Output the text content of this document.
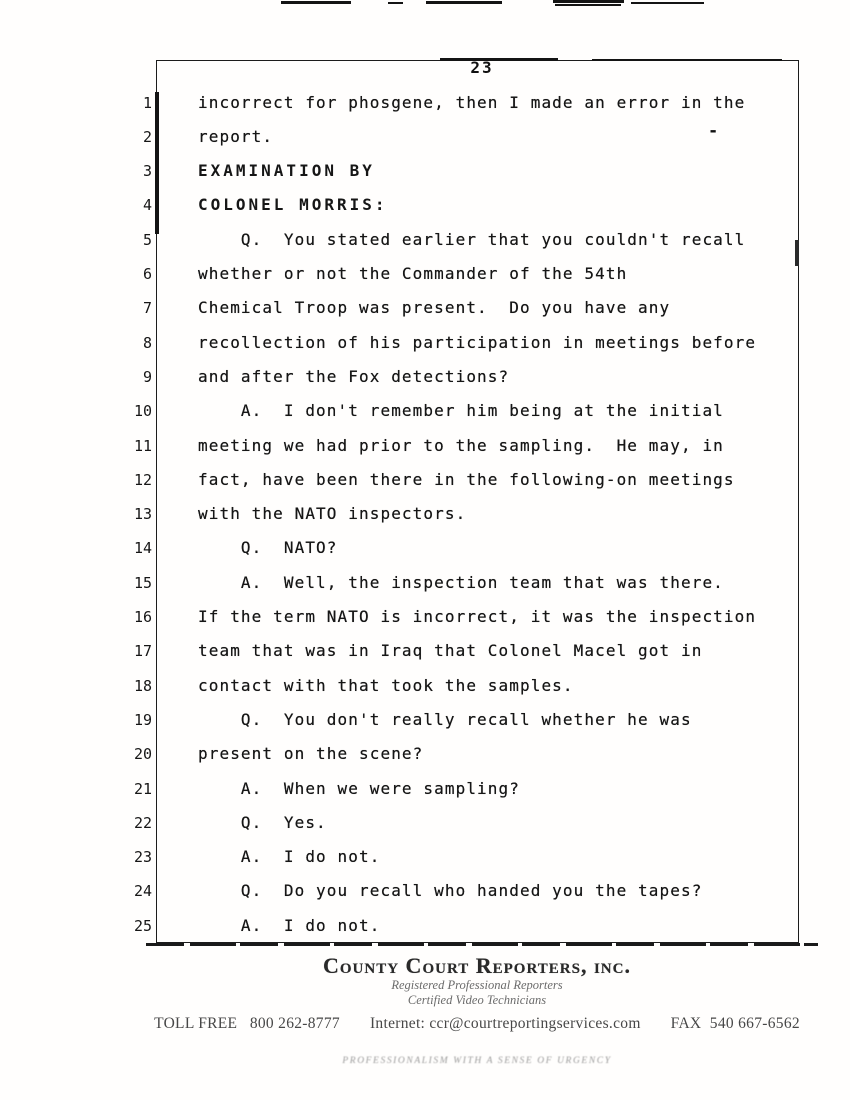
23
1	incorrect for phosgene, then I made an error in the
2	report.
3	EXAMINATION BY
4	COLONEL MORRIS:
5	Q.  You stated earlier that you couldn't recall
6	whether or not the Commander of the 54th
7	Chemical Troop was present.  Do you have any
8	recollection of his participation in meetings before
9	and after the Fox detections?
10	A.  I don't remember him being at the initial
11	meeting we had prior to the sampling.  He may, in
12	fact, have been there in the following-on meetings
13	with the NATO inspectors.
14	Q.  NATO?
15	A.  Well, the inspection team that was there.
16	If the term NATO is incorrect, it was the inspection
17	team that was in Iraq that Colonel Macel got in
18	contact with that took the samples.
19	Q.  You don't really recall whether he was
20	present on the scene?
21	A.  When we were sampling?
22	Q.  Yes.
23	A.  I do not.
24	Q.  Do you recall who handed you the tapes?
25	A.  I do not.
-
County Court Reporters, inc.
Registered Professional Reporters
Certified Video Technicians
TOLL FREE   800 262-8777 Internet: ccr@courtreportingservices.com FAX  540 667-6562
PROFESSIONALISM WITH A SENSE OF URGENCY
